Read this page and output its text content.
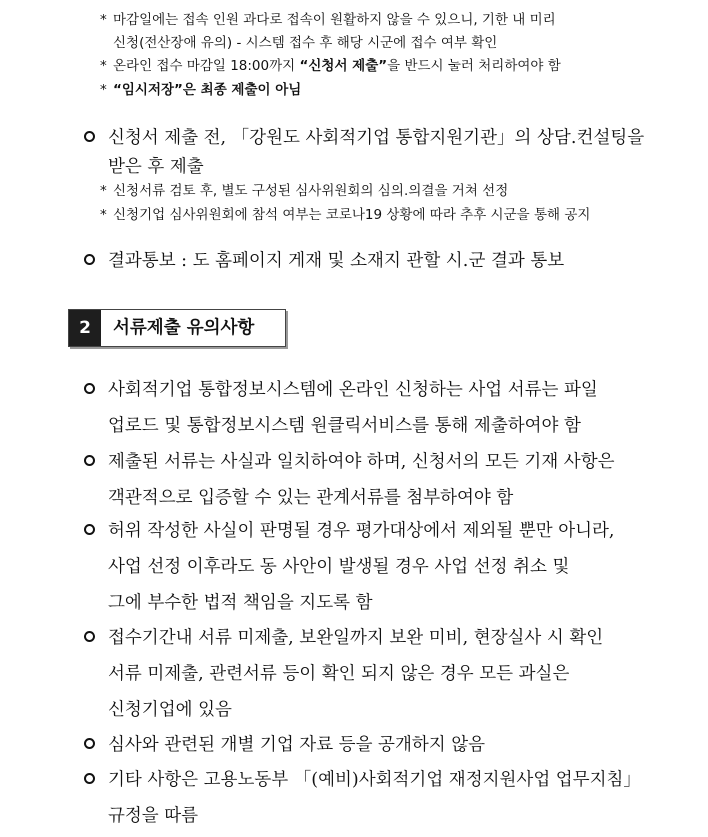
* 마감일에는 접속 인원 과다로 접속이 원활하지 않을 수 있으니, 기한 내 미리
신청(전산장애 유의) - 시스템 접수 후 해당 시군에 접수 여부 확인
* 온라인 접수 마감일 18:00까지 “신청서 제출”을 반드시 눌러 처리하여야 함
* “임시저장”은 최종 제출이 아님
신청서 제출 전, 「강원도 사회적기업 통합지원기관」의 상담․컨설팅을
받은 후 제출
* 신청서류 검토 후, 별도 구성된 심사위원회의 심의․의결을 거쳐 선정
* 신청기업 심사위원회에 참석 여부는 코로나19 상황에 따라 추후 시군을 통해 공지
결과통보 : 도 홈페이지 게재 및 소재지 관할 시․군 결과 통보
2	서류제출 유의사항
사회적기업 통합정보시스템에 온라인 신청하는 사업 서류는 파일
업로드 및 통합정보시스템 원클릭서비스를 통해 제출하여야 함
제출된 서류는 사실과 일치하여야 하며, 신청서의 모든 기재 사항은
객관적으로 입증할 수 있는 관계서류를 첨부하여야 함
허위 작성한 사실이 판명될 경우 평가대상에서 제외될 뿐만 아니라,
사업 선정 이후라도 동 사안이 발생될 경우 사업 선정 취소 및
그에 부수한 법적 책임을 지도록 함
접수기간내 서류 미제출, 보완일까지 보완 미비, 현장실사 시 확인
서류 미제출, 관련서류 등이 확인 되지 않은 경우 모든 과실은
신청기업에 있음
심사와 관련된 개별 기업 자료 등을 공개하지 않음
기타 사항은 고용노동부 「(예비)사회적기업 재정지원사업 업무지침」
규정을 따름
